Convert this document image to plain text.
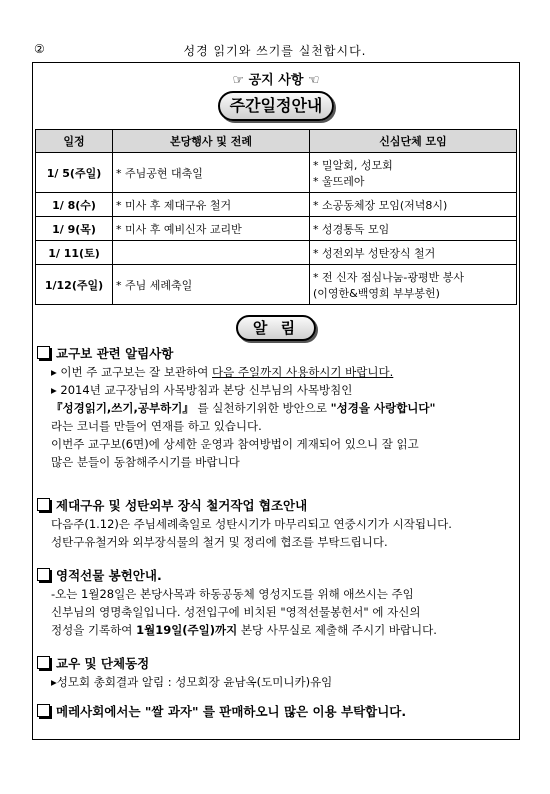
②	성경 읽기와 쓰기를 실천합시다.
☞ 공지 사항 ☜
주간일정안내
일정	본당행사 및 전례	신심단체 모임
1/ 5(주일)	* 주님공현 대축일	* 밀알회, 성모회
* 울뜨레아
1/ 8(수)	* 미사 후 제대구유 철거	* 소공동체장 모임(저녁8시)
1/ 9(목)	* 미사 후 예비신자 교리반	* 성경통독 모임
1/ 11(토)		* 성전외부 성탄장식 철거
1/12(주일)	* 주님 세례축일	* 전 신자 점심나눔-광평반 봉사
(이영한&백영희 부부봉헌)
알 림
교구보 관련 알림사항
▸ 이번 주 교구보는 잘 보관하여 다음 주일까지 사용하시기 바랍니다.
▸ 2014년 교구장님의 사목방침과 본당 신부님의 사목방침인
『성경읽기,쓰기,공부하기』 를 실천하기위한 방안으로 "성경을 사랑합니다"
라는 코너를 만들어 연재를 하고 있습니다.
이번주 교구보(6면)에 상세한 운영과 참여방법이 게재되어 있으니 잘 읽고
많은 분들이 동참해주시기를 바랍니다
제대구유 및 성탄외부 장식 철거작업 협조안내
다음주(1.12)은 주님세례축일로 성탄시기가 마무리되고 연중시기가 시작됩니다.
성탄구유철거와 외부장식물의 철거 및 정리에 협조를 부탁드립니다.
영적선물 봉헌안내.
-오는 1월28일은 본당사목과 하동공동체 영성지도를 위해 애쓰시는 주임
신부님의 영명축일입니다. 성전입구에 비치된 "영적선물봉헌서" 에 자신의
정성을 기록하여 1월19일(주일)까지 본당 사무실로 제출해 주시기 바랍니다.
교우 및 단체동정
▸성모회 총회결과 알림 : 성모회장 윤남옥(도미니카)유임
메레사회에서는 "쌀 과자" 를 판매하오니 많은 이용 부탁합니다.
